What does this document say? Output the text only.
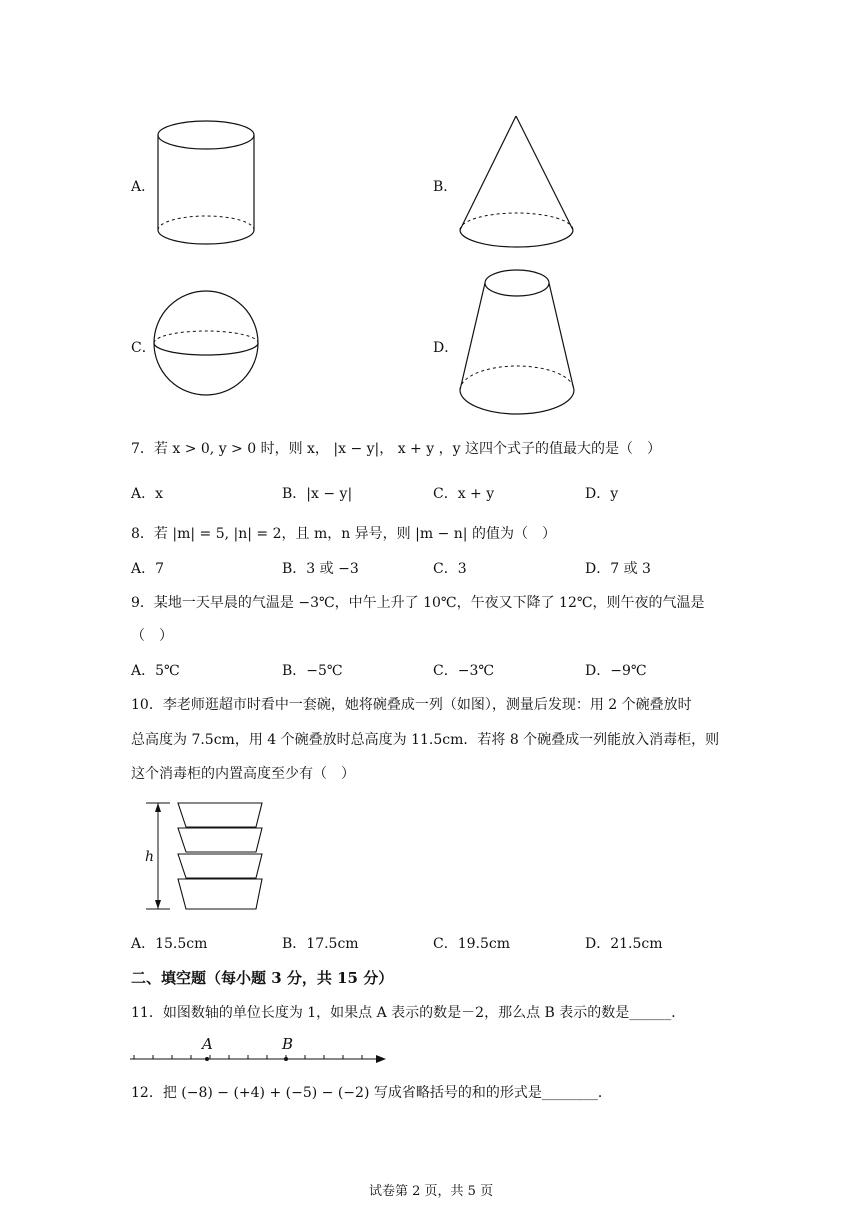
A．	B．
C．	D．
7．若 x > 0, y > 0 时，则 x， |x − y|， x + y ，y 这四个式子的值最大的是（　）
A．x	B．|x − y|	C．x + y	D．y
8．若 |m| = 5, |n| = 2，且 m，n 异号，则 |m − n| 的值为（　）
A．7	B．3 或 −3	C．3	D．7 或 3
9．某地一天早晨的气温是 −3℃，中午上升了 10℃，午夜又下降了 12℃，则午夜的气温是
（　）
A．5℃	B．−5℃	C．−3℃	D．−9℃
10．李老师逛超市时看中一套碗，她将碗叠成一列（如图），测量后发现：用 2 个碗叠放时
总高度为 7.5cm，用 4 个碗叠放时总高度为 11.5cm．若将 8 个碗叠成一列能放入消毒柜，则
这个消毒柜的内置高度至少有（　）
h
A．15.5cm	B．17.5cm	C．19.5cm	D．21.5cm
二、填空题（每小题 3 分，共 15 分）
11．如图数轴的单位长度为 1，如果点 A 表示的数是－2，那么点 B 表示的数是______．
A	B
12．把 (−8) − (+4) + (−5) − (−2) 写成省略括号的和的形式是________．
试卷第 2 页，共 5 页
